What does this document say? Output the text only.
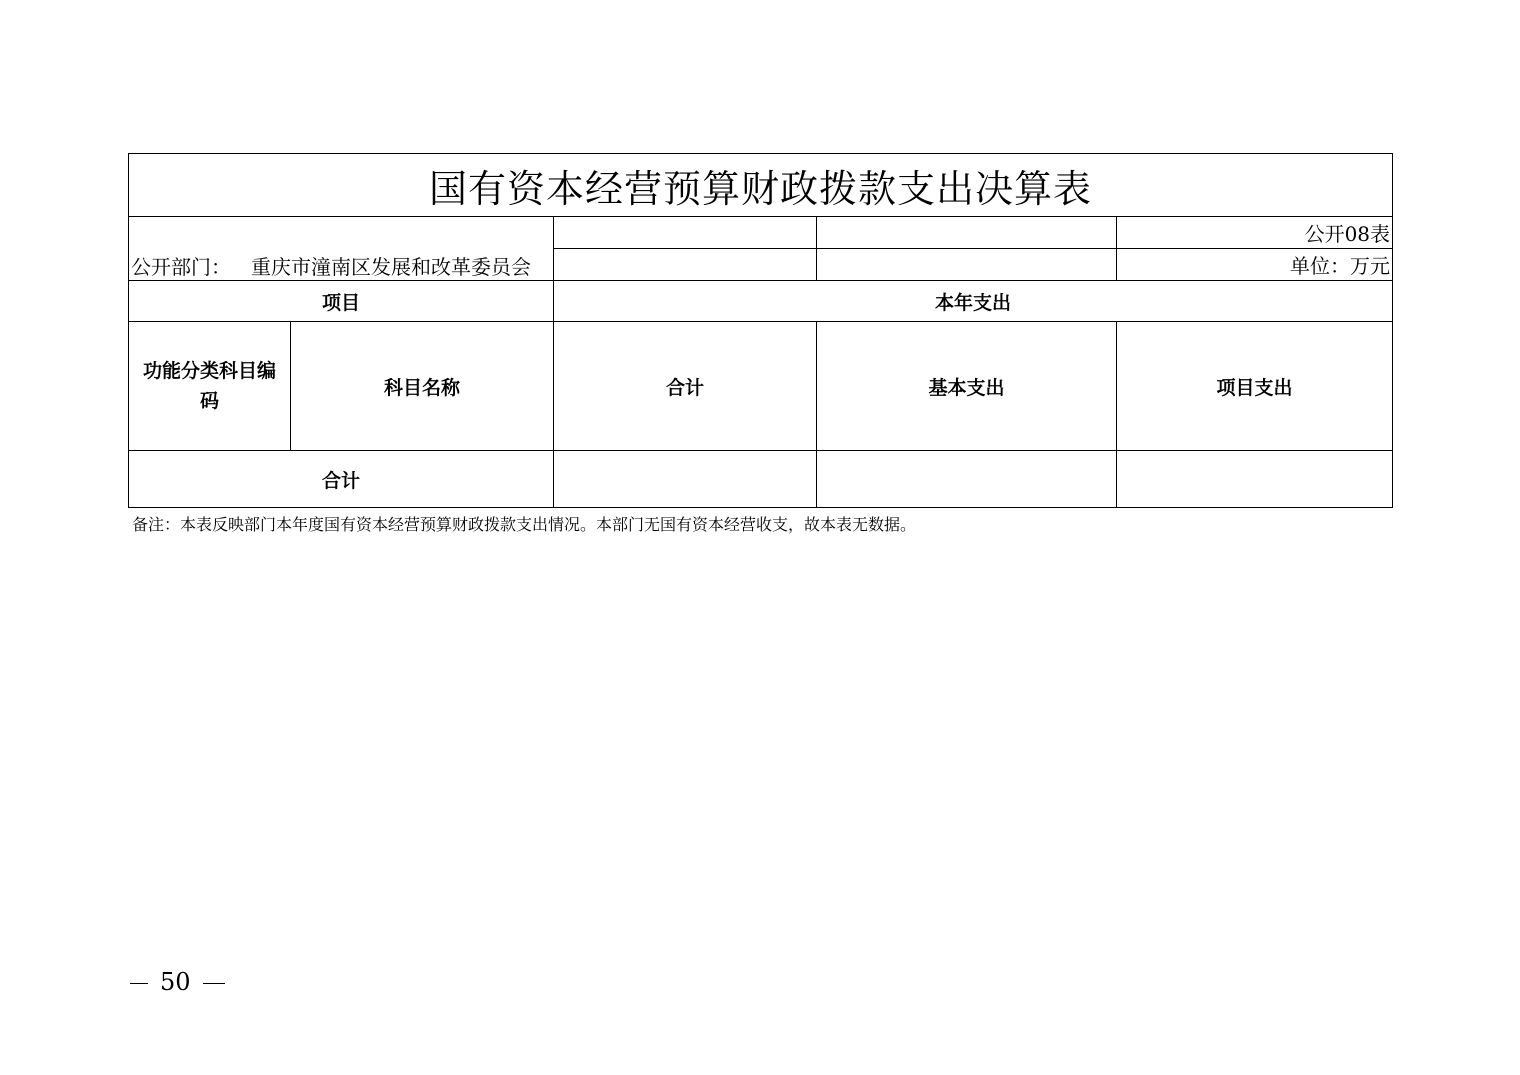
国有资本经营预算财政拨款支出决算表				
公开部门： 重庆市潼南区发展和改革委员会				公开08表
				单位：万元
项目		本年支出		
功能分类科目编
码	科目名称	合计	基本支出	项目支出
合计				
备注：本表反映部门本年度国有资本经营预算财政拨款支出情况。本部门无国有资本经营收支，故本表无数据。
50
